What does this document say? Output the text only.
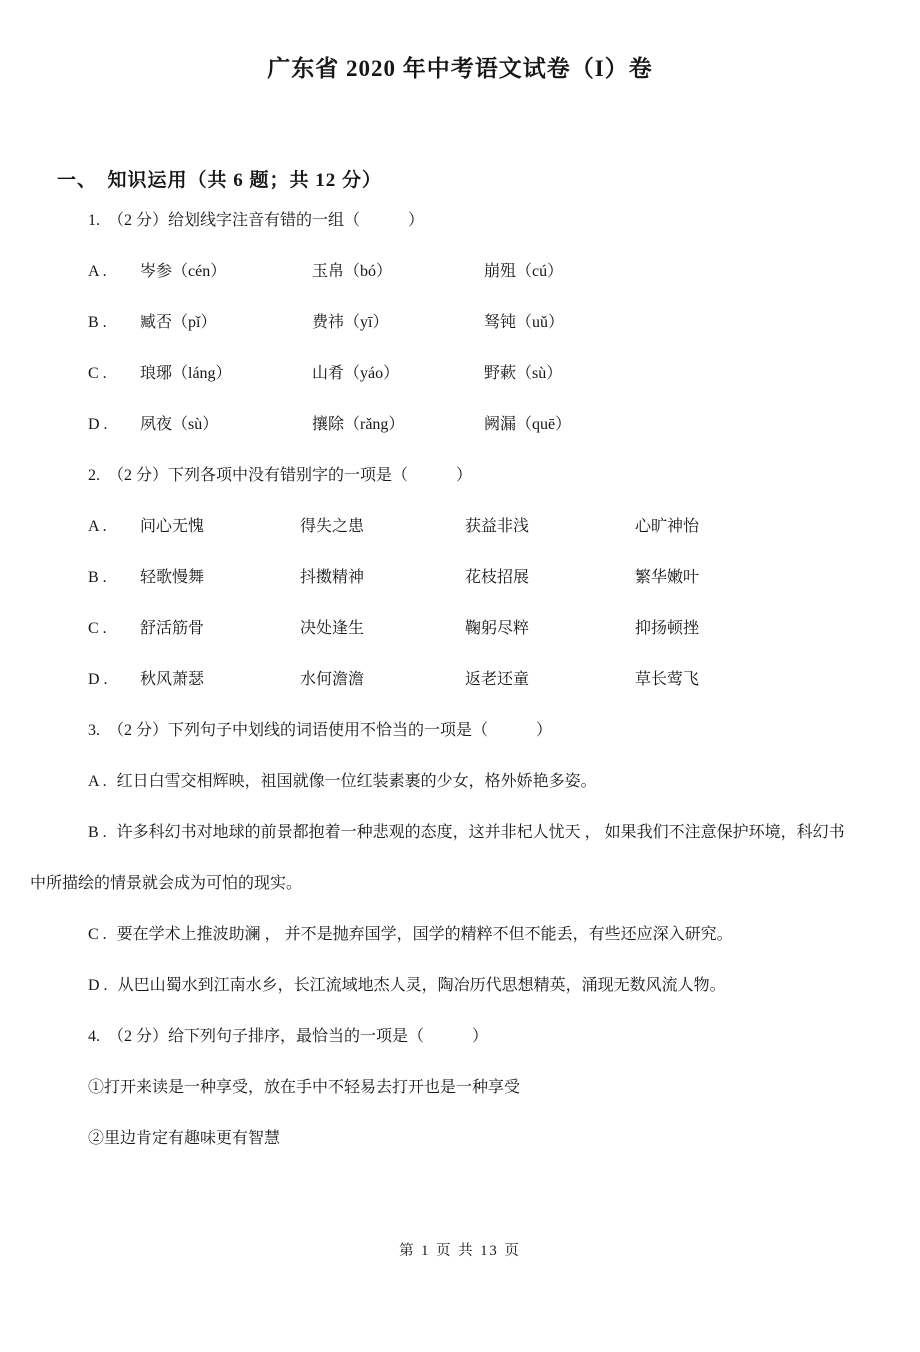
广东省 2020 年中考语文试卷（I）卷
一、　知识运用（共 6 题；共 12 分）

1.　（2 分）给划线字注音有错的一组（　　　）

A .	岑参（cén）	玉帛（bó）	崩殂（cú）
B .	臧否（pǐ）	费祎（yī）	驽钝（uǔ）
C .	琅琊（láng）	山肴（yáo）	野蔌（sù）
D .	夙夜（sù）	攘除（rǎng）	阙漏（quē）

2.　（2 分）下列各项中没有错别字的一项是（　　　）

A .	问心无愧	得失之患	获益非浅	心旷神怡
B .	轻歌慢舞	抖擞精神	花枝招展	繁华嫩叶
C .	舒活筋骨	决处逢生	鞠躬尽粹	抑扬顿挫
D .	秋风萧瑟	水何澹澹	返老还童	草长莺飞

3.　（2 分）下列句子中划线的词语使用不恰当的一项是（　　　）

A . 红日白雪交相辉映，祖国就像一位红装素裹的少女，格外娇艳多姿。

B . 许多科幻书对地球的前景都抱着一种悲观的态度，这并非杞人忧天 ， 如果我们不注意保护环境，科幻书中所描绘的情景就会成为可怕的现实。

C . 要在学术上推波助澜 ， 并不是抛弃国学，国学的精粹不但不能丢，有些还应深入研究。

D . 从巴山蜀水到江南水乡，长江流域地杰人灵，陶冶历代思想精英，涌现无数风流人物。

4.　（2 分）给下列句子排序，最恰当的一项是（　　　）

①打开来读是一种享受，放在手中不轻易去打开也是一种享受

②里边肯定有趣味更有智慧

第 1 页 共 13 页
